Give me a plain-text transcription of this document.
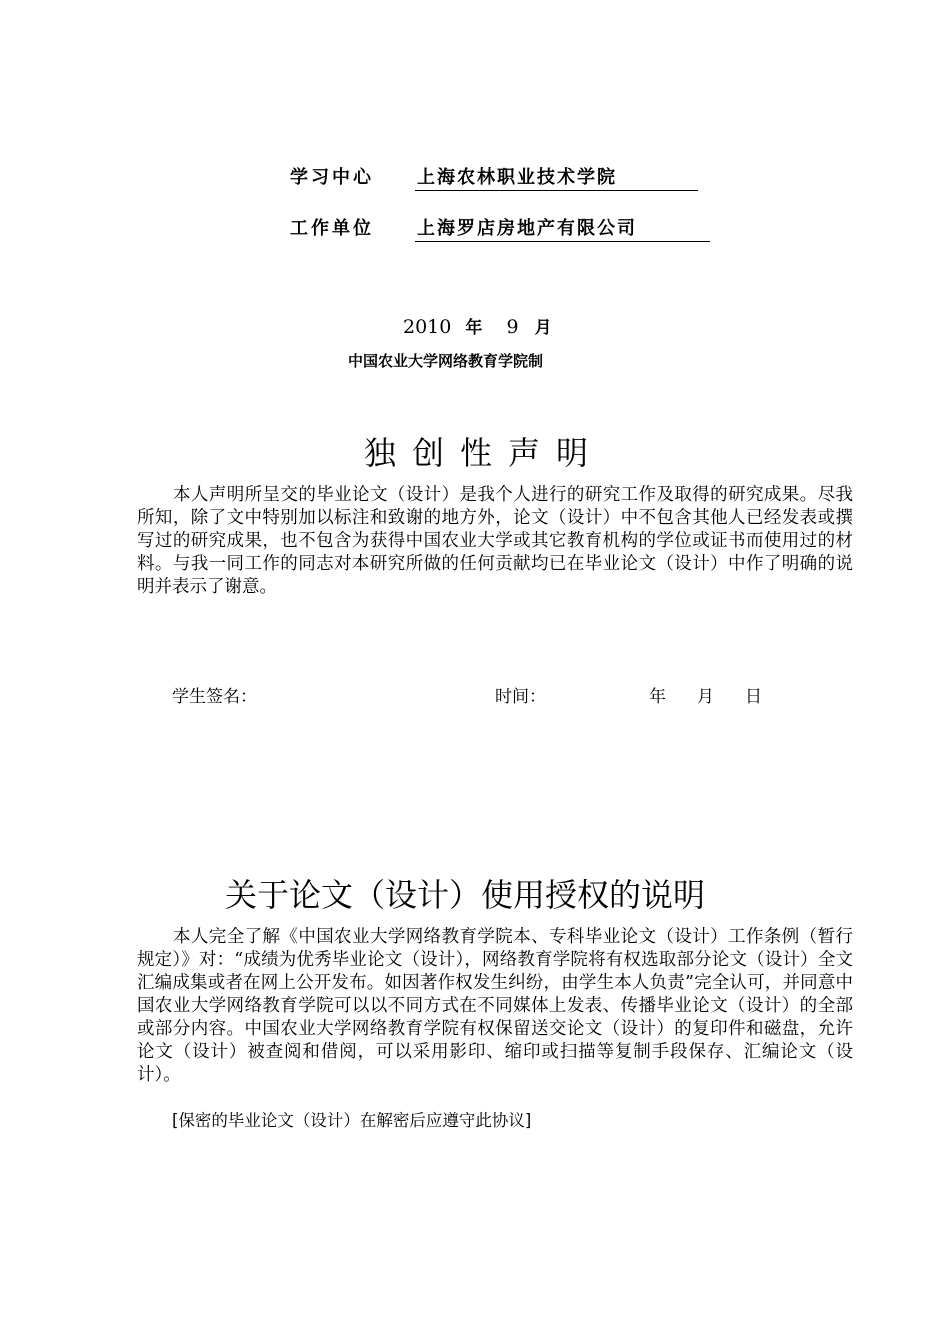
学习中心 上海农林职业技术学院
工作单位 上海罗店房地产有限公司
2010 年 9 月
中国农业大学网络教育学院制
独创性声明
本人声明所呈交的毕业论文（设计）是我个人进行的研究工作及取得的研究成果。尽我所知，除了文中特别加以标注和致谢的地方外，论文（设计）中不包含其他人已经发表或撰写过的研究成果，也不包含为获得中国农业大学或其它教育机构的学位或证书而使用过的材料。与我一同工作的同志对本研究所做的任何贡献均已在毕业论文（设计）中作了明确的说明并表示了谢意。
学生签名：	时间：	年 月 日
关于论文（设计）使用授权的说明
本人完全了解《中国农业大学网络教育学院本、专科毕业论文（设计）工作条例（暂行规定）》对：“成绩为优秀毕业论文（设计），网络教育学院将有权选取部分论文（设计）全文汇编成集或者在网上公开发布。如因著作权发生纠纷，由学生本人负责”完全认可，并同意中国农业大学网络教育学院可以以不同方式在不同媒体上发表、传播毕业论文（设计）的全部或部分内容。中国农业大学网络教育学院有权保留送交论文（设计）的复印件和磁盘，允许论文（设计）被查阅和借阅，可以采用影印、缩印或扫描等复制手段保存、汇编论文（设计）。
[保密的毕业论文（设计）在解密后应遵守此协议]
